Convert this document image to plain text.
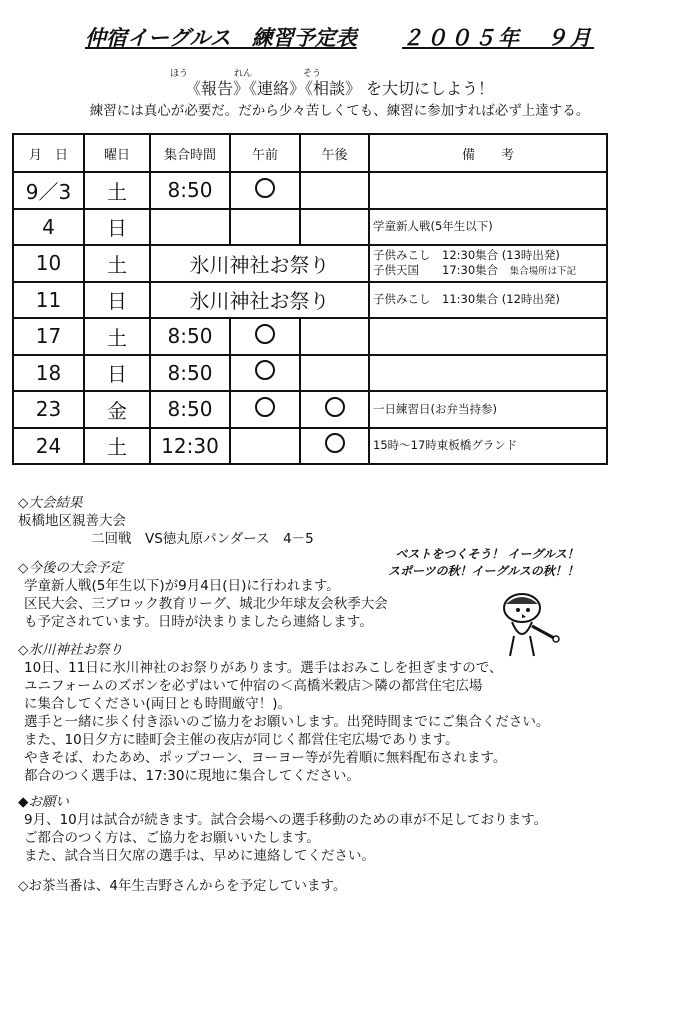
仲宿イーグルス　練習予定表 ２００５年　９月
ほう	れん	そう
《報告》《連絡》《相談》 を大切にしよう！
練習には真心が必要だ。だから少々苦しくても、練習に参加すれば必ず上達する。
月　日	曜日	集合時間	午前	午後	備　　考
9／3	土	8:50			

4	日				学童新人戦(5年生以下)

10	土	氷川神社お祭り			子供みこし　12:30集合 (13時出発)
子供天国　　17:30集合　集合場所は下記

11	日	氷川神社お祭り			子供みこし　11:30集合 (12時出発)

17	土	8:50			

18	日	8:50			

23	金	8:50			一日練習日(お弁当持参)

24	土	12:30			15時～17時東板橋グランド
◇大会結果
板橋地区親善大会
二回戦　VS徳丸原パンダース　4－5
ベストをつくそう！ イーグルス！
スポーツの秋！イーグルスの秋！！
◇今後の大会予定
学童新人戦(5年生以下)が9月4日(日)に行われます。
区民大会、三ブロック教育リーグ、城北少年球友会秋季大会
も予定されています。日時が決まりましたら連絡します。
◇氷川神社お祭り
10日、11日に氷川神社のお祭りがあります。選手はおみこしを担ぎますので、
ユニフォームのズボンを必ずはいて仲宿の＜高橋米穀店＞隣の都営住宅広場
に集合してください(両日とも時間厳守！)。
選手と一緒に歩く付き添いのご協力をお願いします。出発時間までにご集合ください。
また、10日夕方に睦町会主催の夜店が同じく都営住宅広場であります。
やきそば、わたあめ、ポップコーン、ヨーヨー等が先着順に無料配布されます。
都合のつく選手は、17:30に現地に集合してください。
◆お願い
9月、10月は試合が続きます。試合会場への選手移動のための車が不足しております。
ご都合のつく方は、ご協力をお願いいたします。
また、試合当日欠席の選手は、早めに連絡してください。
◇お茶当番は、4年生吉野さんからを予定しています。
